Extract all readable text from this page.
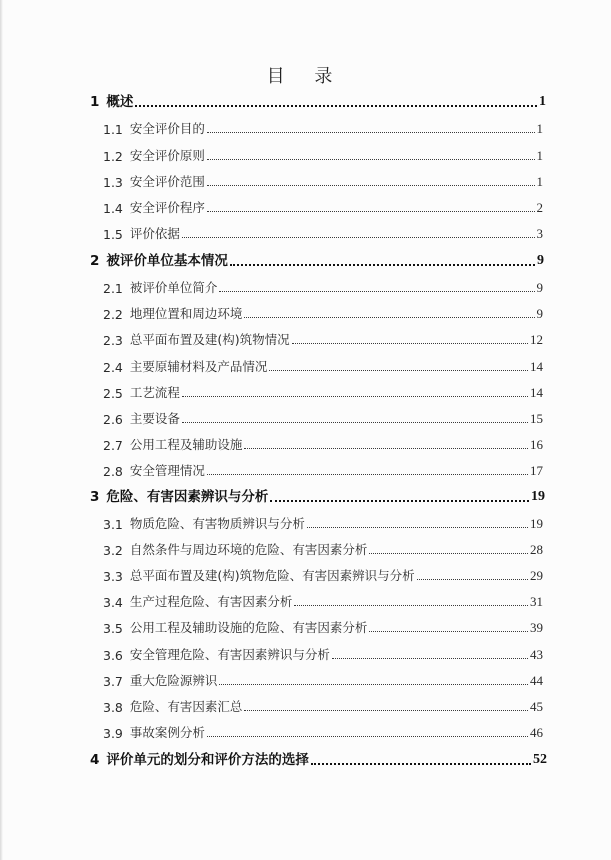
目 录
1 概述	1
1.1 安全评价目的	1
1.2 安全评价原则	1
1.3 安全评价范围	1
1.4 安全评价程序	2
1.5 评价依据	3
2 被评价单位基本情况	9
2.1 被评价单位简介	9
2.2 地理位置和周边环境	9
2.3 总平面布置及建(构)筑物情况	12
2.4 主要原辅材料及产品情况	14
2.5 工艺流程	14
2.6 主要设备	15
2.7 公用工程及辅助设施	16
2.8 安全管理情况	17
3 危险、有害因素辨识与分析	19
3.1 物质危险、有害物质辨识与分析	19
3.2 自然条件与周边环境的危险、有害因素分析	28
3.3 总平面布置及建(构)筑物危险、有害因素辨识与分析	29
3.4 生产过程危险、有害因素分析	31
3.5 公用工程及辅助设施的危险、有害因素分析	39
3.6 安全管理危险、有害因素辨识与分析	43
3.7 重大危险源辨识	44
3.8 危险、有害因素汇总	45
3.9 事故案例分析	46
4 评价单元的划分和评价方法的选择	52
